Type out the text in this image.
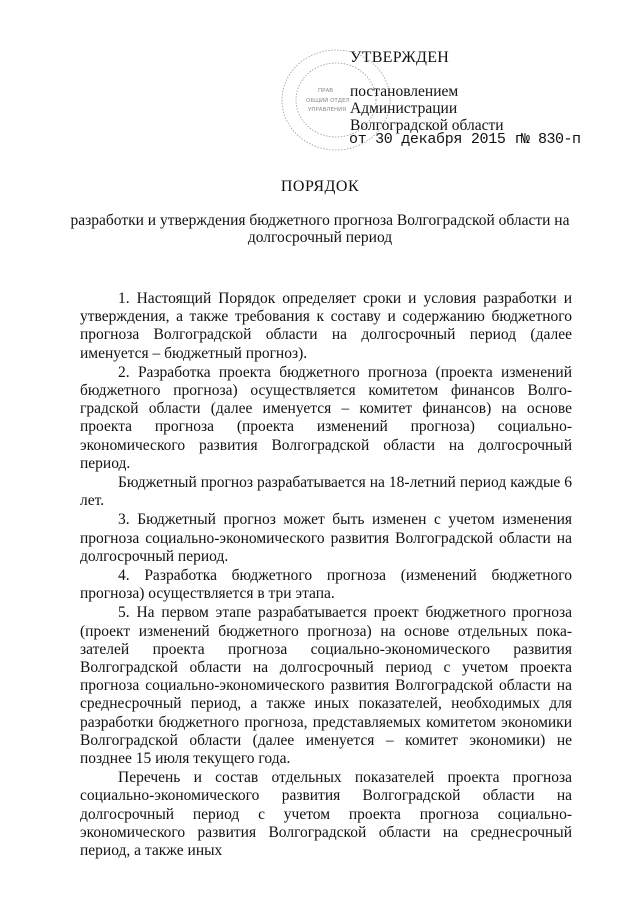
ПРАВ
ОБЩИЙ ОТДЕЛ
УПРАВЛЕНИЯ
УТВЕРЖДЕН
постановлением
Администрации
Волгоградской области
от 30 декабря 2015 г.
№ 830-п
ПОРЯДОК
разработки и утверждения бюджетного прогноза Волгоградской области на долгосрочный период

1. Настоящий Порядок определяет сроки и условия разработки и утверждения, а также требования к составу и содержанию бюджетного прогноза Волгоградской области на долгосрочный период (далее именуется – бюджетный прогноз).

2. Разработка проекта бюджетного прогноза (проекта изменений бюджетного прогноза) осуществляется комитетом финансов Волго-градской области (далее именуется – комитет финансов) на основе проекта прогноза (проекта изменений прогноза) социально-экономического развития Волгоградской области на долгосрочный период.

Бюджетный прогноз разрабатывается на 18-летний период каждые 6 лет.

3. Бюджетный прогноз может быть изменен с учетом изменения прогноза социально-экономического развития Волгоградской области на долгосрочный период.

4. Разработка бюджетного прогноза (изменений бюджетного прогноза) осуществляется в три этапа.

5. На первом этапе разрабатывается проект бюджетного прогноза (проект изменений бюджетного прогноза) на основе отдельных пока-зателей проекта прогноза социально-экономического развития Волгоградской области на долгосрочный период с учетом проекта прогноза социально-экономического развития Волгоградской области на среднесрочный период, а также иных показателей, необходимых для разработки бюджетного прогноза, представляемых комитетом экономики Волгоградской области (далее именуется – комитет экономики) не позднее 15 июля текущего года.

Перечень и состав отдельных показателей проекта прогноза социально-экономического развития Волгоградской области на долгосрочный период с учетом проекта прогноза социально-экономического развития Волгоградской области на среднесрочный период, а также иных
